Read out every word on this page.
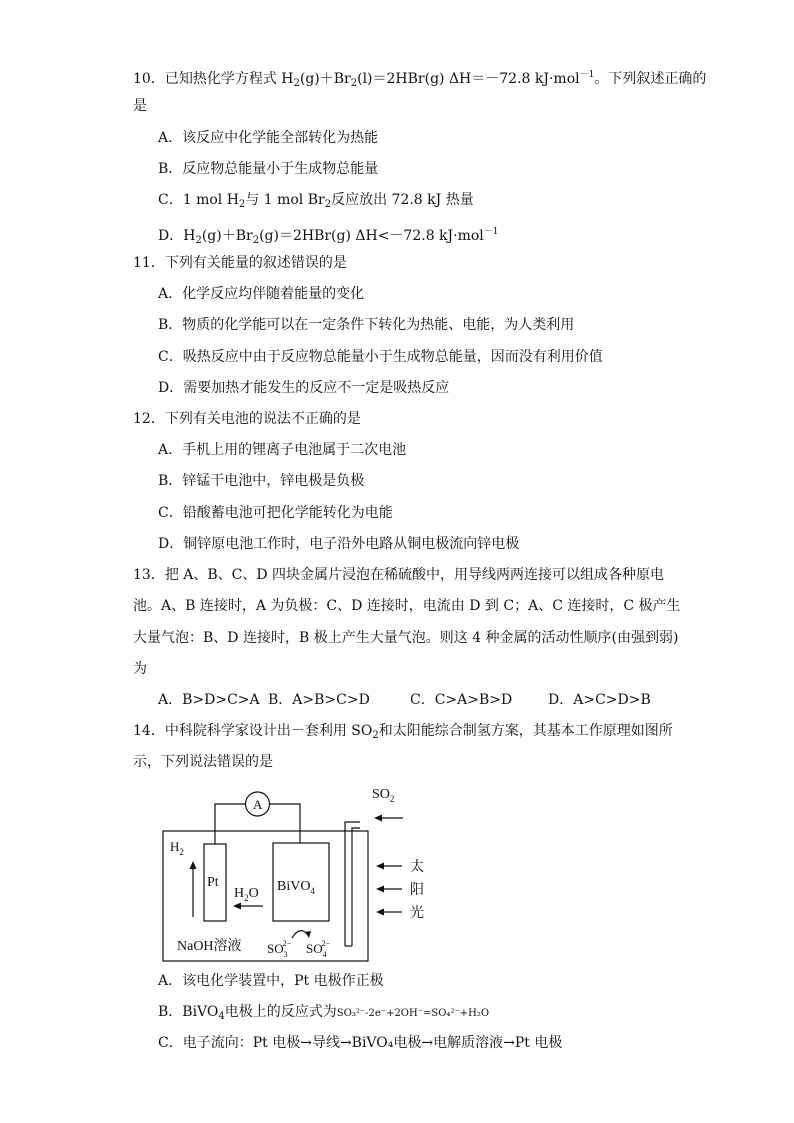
10．已知热化学方程式 $H_2(g)+Br_2(l)=2HBr(g)$ ΔH＝－72.8 kJ·mol$^{-1}$。下列叙述正确的
是
A．该反应中化学能全部转化为热能
B．反应物总能量小于生成物总能量
C．1 mol $H_2$与 1 mol $Br_2$反应放出 72.8 kJ 热量
D．$H_2(g)+Br_2(g)=2HBr(g)$ ΔH<－72.8 kJ·mol$^{-1}$
11．下列有关能量的叙述错误的是
A．化学反应均伴随着能量的变化
B．物质的化学能可以在一定条件下转化为热能、电能，为人类利用
C．吸热反应中由于反应物总能量小于生成物总能量，因而没有利用价值
D．需要加热才能发生的反应不一定是吸热反应
12．下列有关电池的说法不正确的是
A．手机上用的锂离子电池属于二次电池
B．锌锰干电池中，锌电极是负极
C．铅酸蓄电池可把化学能转化为电能
D．铜锌原电池工作时，电子沿外电路从铜电极流向锌电极
13．把 A、B、C、D 四块金属片浸泡在稀硫酸中，用导线两两连接可以组成各种原电
池。A、B 连接时，A 为负极：C、D 连接时，电流由 D 到 C；A、C 连接时，C 极产生
大量气泡：B、D 连接时，B 极上产生大量气泡。则这 4 种金属的活动性顺序(由强到弱)
为
A．B>D>C>A B．A>B>C>D	C．C>A>B>D	D．A>C>D>B
14．中科院科学家设计出－套利用 $SO_2$和太阳能综合制氢方案，其基本工作原理如图所
示，下列说法错误的是
A
$SO_2$
$H_2$
Pt
$H_2O$ BiVO$_4$
NaOH溶液 $SO_32- SO_42-$
太
阳
光
A．该电化学装置中，Pt 电极作正极
B．BiVO$_4$电极上的反应式为SO₃²⁻-2e⁻+2OH⁻=SO₄²⁻+H₂O
C．电子流向：Pt 电极→导线→BiVO₄电极→电解质溶液→Pt 电极
